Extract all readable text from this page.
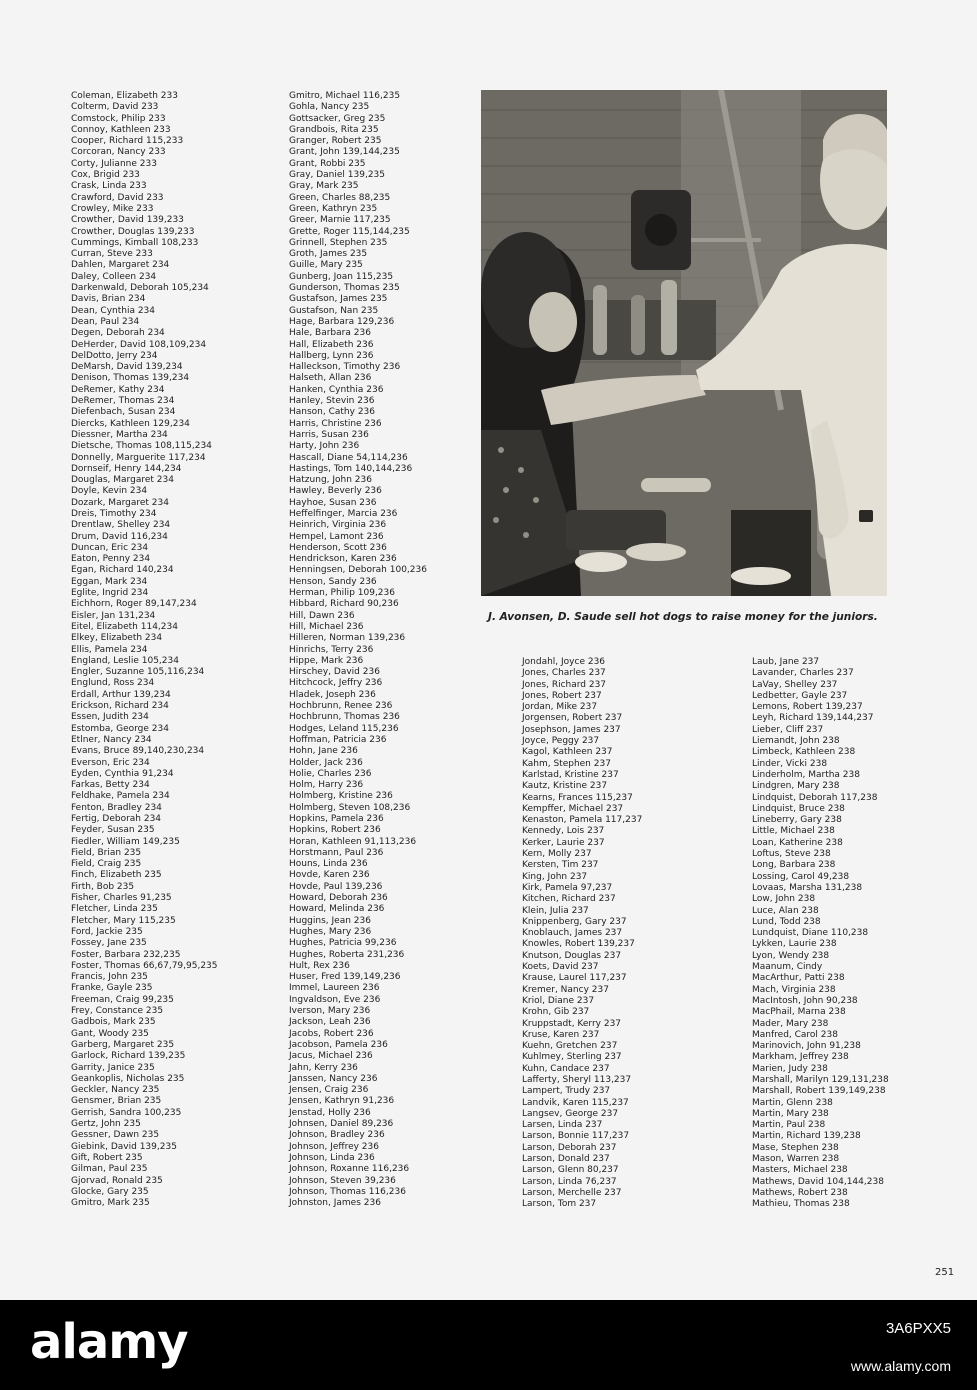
Coleman, Elizabeth 233
Colterm, David 233
Comstock, Philip 233
Connoy, Kathleen 233
Cooper, Richard 115,233
Corcoran, Nancy 233
Corty, Julianne 233
Cox, Brigid 233
Crask, Linda 233
Crawford, David 233
Crowley, Mike 233
Crowther, David 139,233
Crowther, Douglas 139,233
Cummings, Kimball 108,233
Curran, Steve 233
Dahlen, Margaret 234
Daley, Colleen 234
Darkenwald, Deborah 105,234
Davis, Brian 234
Dean, Cynthia 234
Dean, Paul 234
Degen, Deborah 234
DeHerder, David 108,109,234
DelDotto, Jerry 234
DeMarsh, David 139,234
Denison, Thomas 139,234
DeRemer, Kathy 234
DeRemer, Thomas 234
Diefenbach, Susan 234
Diercks, Kathleen 129,234
Diessner, Martha 234
Dietsche, Thomas 108,115,234
Donnelly, Marguerite 117,234
Dornseif, Henry 144,234
Douglas, Margaret 234
Doyle, Kevin 234
Dozark, Margaret 234
Dreis, Timothy 234
Drentlaw, Shelley 234
Drum, David 116,234
Duncan, Eric 234
Eaton, Penny 234
Egan, Richard 140,234
Eggan, Mark 234
Eglite, Ingrid 234
Eichhorn, Roger 89,147,234
Eisler, Jan 131,234
Eitel, Elizabeth 114,234
Elkey, Elizabeth 234
Ellis, Pamela 234
England, Leslie 105,234
Engler, Suzanne 105,116,234
Englund, Ross 234
Erdall, Arthur 139,234
Erickson, Richard 234
Essen, Judith 234
Estomba, George 234
Etlner, Nancy 234
Evans, Bruce 89,140,230,234
Everson, Eric 234
Eyden, Cynthia 91,234
Farkas, Betty 234
Feldhake, Pamela 234
Fenton, Bradley 234
Fertig, Deborah 234
Feyder, Susan 235
Fiedler, William 149,235
Field, Brian 235
Field, Craig 235
Finch, Elizabeth 235
Firth, Bob 235
Fisher, Charles 91,235
Fletcher, Linda 235
Fletcher, Mary 115,235
Ford, Jackie 235
Fossey, Jane 235
Foster, Barbara 232,235
Foster, Thomas 66,67,79,95,235
Francis, John 235
Franke, Gayle 235
Freeman, Craig 99,235
Frey, Constance 235
Gadbois, Mark 235
Gant, Woody 235
Garberg, Margaret 235
Garlock, Richard 139,235
Garrity, Janice 235
Geankoplis, Nicholas 235
Geckler, Nancy 235
Gensmer, Brian 235
Gerrish, Sandra 100,235
Gertz, John 235
Gessner, Dawn 235
Giebink, David 139,235
Gift, Robert 235
Gilman, Paul 235
Gjorvad, Ronald 235
Glocke, Gary 235
Gmitro, Mark 235
Gmitro, Michael 116,235
Gohla, Nancy 235
Gottsacker, Greg 235
Grandbois, Rita 235
Granger, Robert 235
Grant, John 139,144,235
Grant, Robbi 235
Gray, Daniel 139,235
Gray, Mark 235
Green, Charles 88,235
Green, Kathryn 235
Greer, Marnie 117,235
Grette, Roger 115,144,235
Grinnell, Stephen 235
Groth, James 235
Guille, Mary 235
Gunberg, Joan 115,235
Gunderson, Thomas 235
Gustafson, James 235
Gustafson, Nan 235
Hage, Barbara 129,236
Hale, Barbara 236
Hall, Elizabeth 236
Hallberg, Lynn 236
Halleckson, Timothy 236
Halseth, Allan 236
Hanken, Cynthia 236
Hanley, Stevin 236
Hanson, Cathy 236
Harris, Christine 236
Harris, Susan 236
Harty, John 236
Hascall, Diane 54,114,236
Hastings, Tom 140,144,236
Hatzung, John 236
Hawley, Beverly 236
Hayhoe, Susan 236
Heffelfinger, Marcia 236
Heinrich, Virginia 236
Hempel, Lamont 236
Henderson, Scott 236
Hendrickson, Karen 236
Henningsen, Deborah 100,236
Henson, Sandy 236
Herman, Philip 109,236
Hibbard, Richard 90,236
Hill, Dawn 236
Hill, Michael 236
Hilleren, Norman 139,236
Hinrichs, Terry 236
Hippe, Mark 236
Hirschey, David 236
Hitchcock, Jeffry 236
Hladek, Joseph 236
Hochbrunn, Renee 236
Hochbrunn, Thomas 236
Hodges, Leland 115,236
Hoffman, Patricia 236
Hohn, Jane 236
Holder, Jack 236
Holie, Charles 236
Holm, Harry 236
Holmberg, Kristine 236
Holmberg, Steven 108,236
Hopkins, Pamela 236
Hopkins, Robert 236
Horan, Kathleen 91,113,236
Horstmann, Paul 236
Houns, Linda 236
Hovde, Karen 236
Hovde, Paul 139,236
Howard, Deborah 236
Howard, Melinda 236
Huggins, Jean 236
Hughes, Mary 236
Hughes, Patricia 99,236
Hughes, Roberta 231,236
Hult, Rex 236
Huser, Fred 139,149,236
Immel, Laureen 236
Ingvaldson, Eve 236
Iverson, Mary 236
Jackson, Leah 236
Jacobs, Robert 236
Jacobson, Pamela 236
Jacus, Michael 236
Jahn, Kerry 236
Janssen, Nancy 236
Jensen, Craig 236
Jensen, Kathryn 91,236
Jenstad, Holly 236
Johnsen, Daniel 89,236
Johnson, Bradley 236
Johnson, Jeffrey 236
Johnson, Linda 236
Johnson, Roxanne 116,236
Johnson, Steven 39,236
Johnson, Thomas 116,236
Johnston, James 236
J. Avonsen, D. Saude sell hot dogs to raise money for the juniors.
Jondahl, Joyce 236
Jones, Charles 237
Jones, Richard 237
Jones, Robert 237
Jordan, Mike 237
Jorgensen, Robert 237
Josephson, James 237
Joyce, Peggy 237
Kagol, Kathleen 237
Kahm, Stephen 237
Karlstad, Kristine 237
Kautz, Kristine 237
Kearns, Frances 115,237
Kempffer, Michael 237
Kenaston, Pamela 117,237
Kennedy, Lois 237
Kerker, Laurie 237
Kern, Molly 237
Kersten, Tim 237
King, John 237
Kirk, Pamela 97,237
Kitchen, Richard 237
Klein, Julia 237
Knippenberg, Gary 237
Knoblauch, James 237
Knowles, Robert 139,237
Knutson, Douglas 237
Koets, David 237
Krause, Laurel 117,237
Kremer, Nancy 237
Kriol, Diane 237
Krohn, Gib 237
Kruppstadt, Kerry 237
Kruse, Karen 237
Kuehn, Gretchen 237
Kuhlmey, Sterling 237
Kuhn, Candace 237
Lafferty, Sheryl 113,237
Lampert, Trudy 237
Landvik, Karen 115,237
Langsev, George 237
Larsen, Linda 237
Larson, Bonnie 117,237
Larson, Deborah 237
Larson, Donald 237
Larson, Glenn 80,237
Larson, Linda 76,237
Larson, Merchelle 237
Larson, Tom 237
Laub, Jane 237
Lavander, Charles 237
LaVay, Shelley 237
Ledbetter, Gayle 237
Lemons, Robert 139,237
Leyh, Richard 139,144,237
Lieber, Cliff 237
Liemandt, John 238
Limbeck, Kathleen 238
Linder, Vicki 238
Linderholm, Martha 238
Lindgren, Mary 238
Lindquist, Deborah 117,238
Lindquist, Bruce 238
Lineberry, Gary 238
Little, Michael 238
Loan, Katherine 238
Loftus, Steve 238
Long, Barbara 238
Lossing, Carol 49,238
Lovaas, Marsha 131,238
Low, John 238
Luce, Alan 238
Lund, Todd 238
Lundquist, Diane 110,238
Lykken, Laurie 238
Lyon, Wendy 238
Maanum, Cindy
MacArthur, Patti 238
Mach, Virginia 238
MacIntosh, John 90,238
MacPhail, Marna 238
Mader, Mary 238
Manfred, Carol 238
Marinovich, John 91,238
Markham, Jeffrey 238
Marien, Judy 238
Marshall, Marilyn 129,131,238
Marshall, Robert 139,149,238
Martin, Glenn 238
Martin, Mary 238
Martin, Paul 238
Martin, Richard 139,238
Mase, Stephen 238
Mason, Warren 238
Masters, Michael 238
Mathews, David 104,144,238
Mathews, Robert 238
Mathieu, Thomas 238
251
alamy	3A6PXX5
www.alamy.com
